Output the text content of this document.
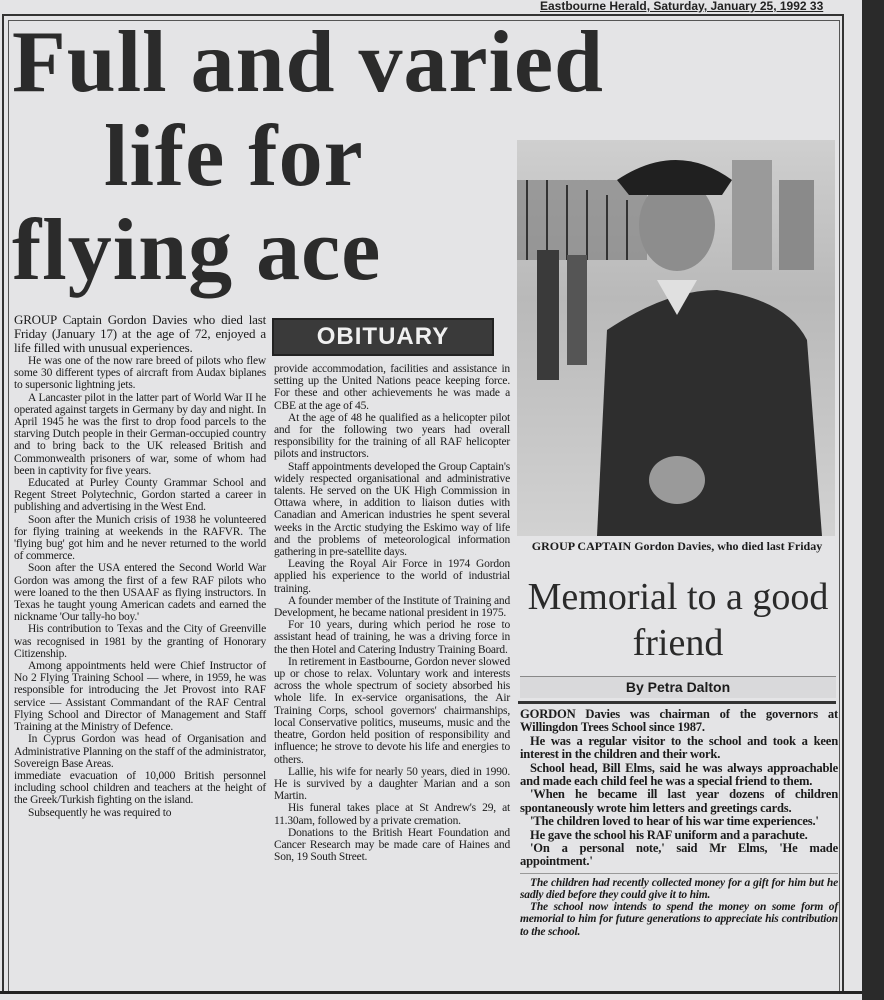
Eastbourne Herald, Saturday, January 25, 1992 33
Full and varied
life for
flying ace

GROUP Captain Gordon Davies who died last Friday (January 17) at the age of 72, enjoyed a life filled with unusual experiences.

He was one of the now rare breed of pilots who flew some 30 different types of aircraft from Audax biplanes to supersonic lightning jets.

A Lancaster pilot in the latter part of World War II he operated against targets in Germany by day and night. In April 1945 he was the first to drop food parcels to the starving Dutch people in their German-occupied country and to bring back to the UK released British and Commonwealth prisoners of war, some of whom had been in captivity for five years.

Educated at Purley County Grammar School and Regent Street Polytechnic, Gordon started a career in publishing and advertising in the West End.

Soon after the Munich crisis of 1938 he volunteered for flying training at weekends in the RAFVR. The 'flying bug' got him and he never returned to the world of commerce.

Soon after the USA entered the Second World War Gordon was among the first of a few RAF pilots who were loaned to the then USAAF as flying instructors. In Texas he taught young American cadets and earned the nickname 'Our tally-ho boy.'

His contribution to Texas and the City of Greenville was recognised in 1981 by the granting of Honorary Citizenship.

Among appointments held were Chief Instructor of No 2 Flying Training School — where, in 1959, he was responsible for introducing the Jet Provost into RAF service — Assistant Commandant of the RAF Central Flying School and Director of Management and Staff Training at the Ministry of Defence.

In Cyprus Gordon was head of Organisation and Administrative Planning on the staff of the administrator, Sovereign Base Areas.

immediate evacuation of 10,000 British personnel including school children and teachers at the height of the Greek/Turkish fighting on the island.

Subsequently he was required to

OBITUARY

provide accommodation, facilities and assistance in setting up the United Nations peace keeping force. For these and other achievements he was made a CBE at the age of 45.

At the age of 48 he qualified as a helicopter pilot and for the following two years had overall responsibility for the training of all RAF helicopter pilots and instructors.

Staff appointments developed the Group Captain's widely respected organisational and administrative talents. He served on the UK High Commission in Ottawa where, in addition to liaison duties with Canadian and American industries he spent several weeks in the Arctic studying the Eskimo way of life and the problems of meteorological information gathering in pre-satellite days.

Leaving the Royal Air Force in 1974 Gordon applied his experience to the world of industrial training.

A founder member of the Institute of Training and Development, he became national president in 1975.

For 10 years, during which period he rose to assistant head of training, he was a driving force in the then Hotel and Catering Industry Training Board.

In retirement in Eastbourne, Gordon never slowed up or chose to relax. Voluntary work and interests across the whole spectrum of society absorbed his whole life. In ex-service organisations, the Air Training Corps, school governors' chairmanships, local Conservative politics, museums, music and the theatre, Gordon held position of responsibility and influence; he strove to devote his life and energies to others.

Lallie, his wife for nearly 50 years, died in 1990. He is survived by a daughter Marian and a son Martin.

His funeral takes place at St Andrew's 29, at 11.30am, followed by a private cremation.

Donations to the British Heart Foundation and Cancer Research may be made care of Haines and Son, 19 South Street.

GROUP CAPTAIN Gordon Davies, who died last Friday
Memorial to a good friend
By Petra Dalton

GORDON Davies was chairman of the governors at Willingdon Trees School since 1987.

He was a regular visitor to the school and took a keen interest in the children and their work.

School head, Bill Elms, said he was always approachable and made each child feel he was a special friend to them.

'When he became ill last year dozens of children spontaneously wrote him letters and greetings cards.

'The children loved to hear of his war time experiences.'

He gave the school his RAF uniform and a parachute.

'On a personal note,' said Mr Elms, 'He made appointment.'

The children had recently collected money for a gift for him but he sadly died before they could give it to him.

The school now intends to spend the money on some form of memorial to him for future generations to appreciate his contribution to the school.
